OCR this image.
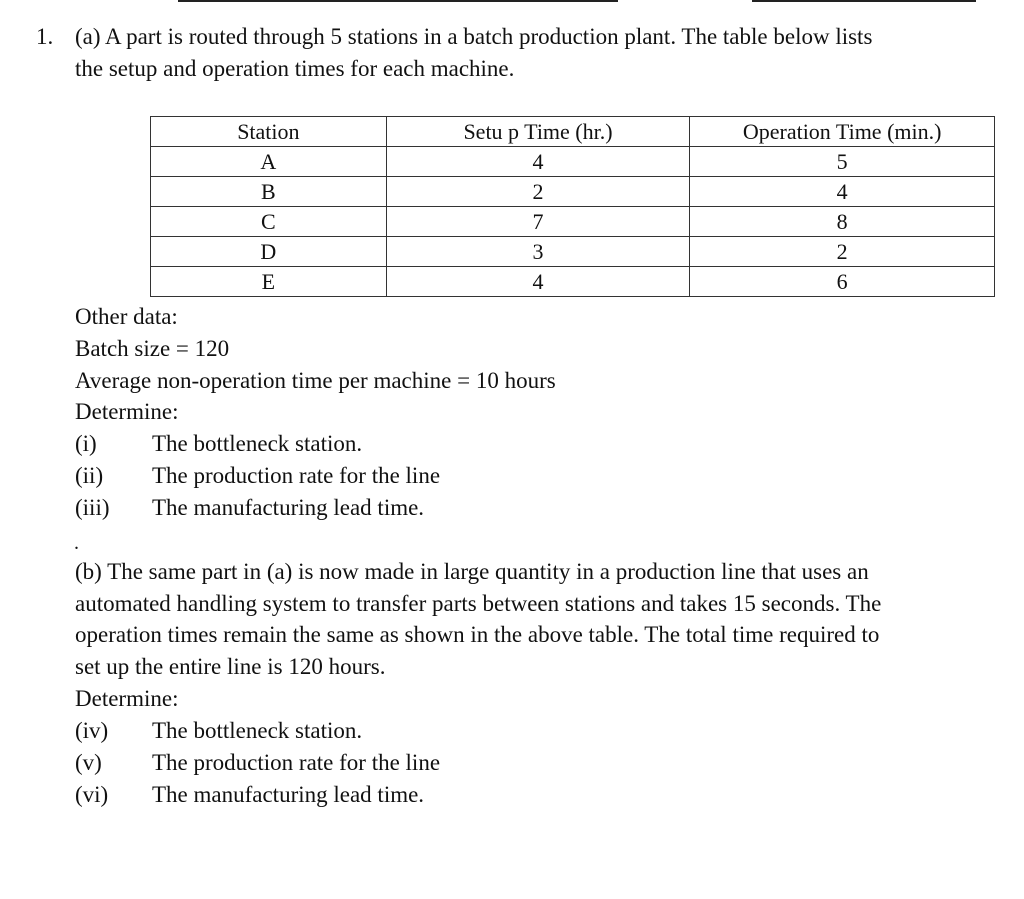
1. (a) A part is routed through 5 stations in a batch production plant. The table below lists
the setup and operation times for each machine.
Station	Setu p Time (hr.)	Operation Time (min.)
A	4	5
B	2	4
C	7	8
D	3	2
E	4	6
Other data:
Batch size = 120
Average non-operation time per machine = 10 hours
Determine:
(i) The bottleneck station.
(ii) The production rate for the line
(iii) The manufacturing lead time.
.
(b) The same part in (a) is now made in large quantity in a production line that uses an
automated handling system to transfer parts between stations and takes 15 seconds. The
operation times remain the same as shown in the above table. The total time required to
set up the entire line is 120 hours.
Determine:
(iv) The bottleneck station.
(v) The production rate for the line
(vi) The manufacturing lead time.
